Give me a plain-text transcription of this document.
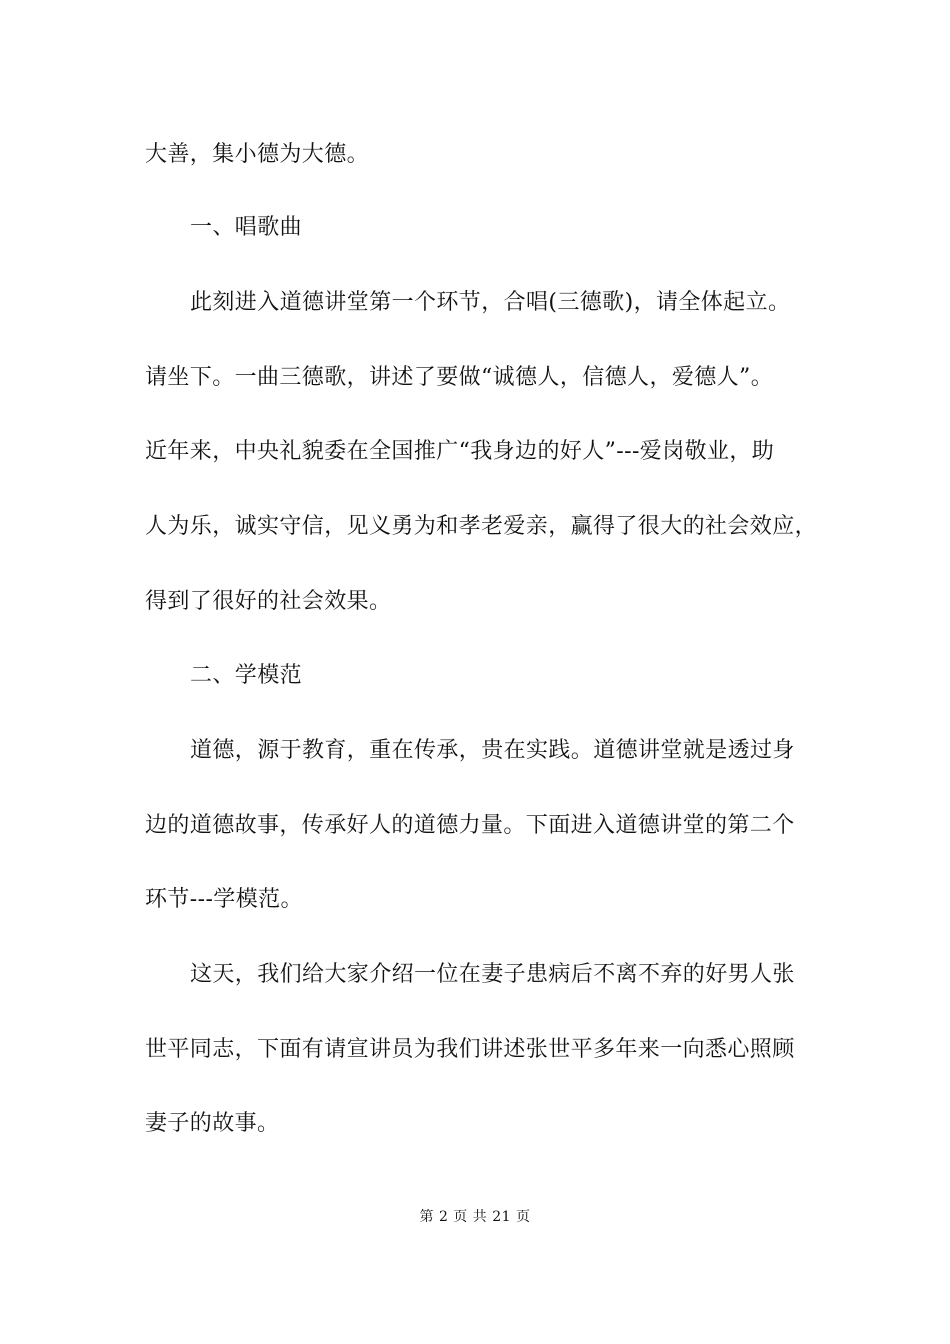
大善，集小德为大德。
一、唱歌曲
此刻进入道德讲堂第一个环节，合唱(三德歌)，请全体起立。
请坐下。一曲三德歌，讲述了要做“诚德人，信德人，爱德人”。
近年来，中央礼貌委在全国推广“我身边的好人”---爱岗敬业，助
人为乐，诚实守信，见义勇为和孝老爱亲，赢得了很大的社会效应，
得到了很好的社会效果。
二、学模范
道德，源于教育，重在传承，贵在实践。道德讲堂就是透过身
边的道德故事，传承好人的道德力量。下面进入道德讲堂的第二个
环节---学模范。
这天，我们给大家介绍一位在妻子患病后不离不弃的好男人张
世平同志，下面有请宣讲员为我们讲述张世平多年来一向悉心照顾
妻子的故事。
第 2 页 共 21 页
